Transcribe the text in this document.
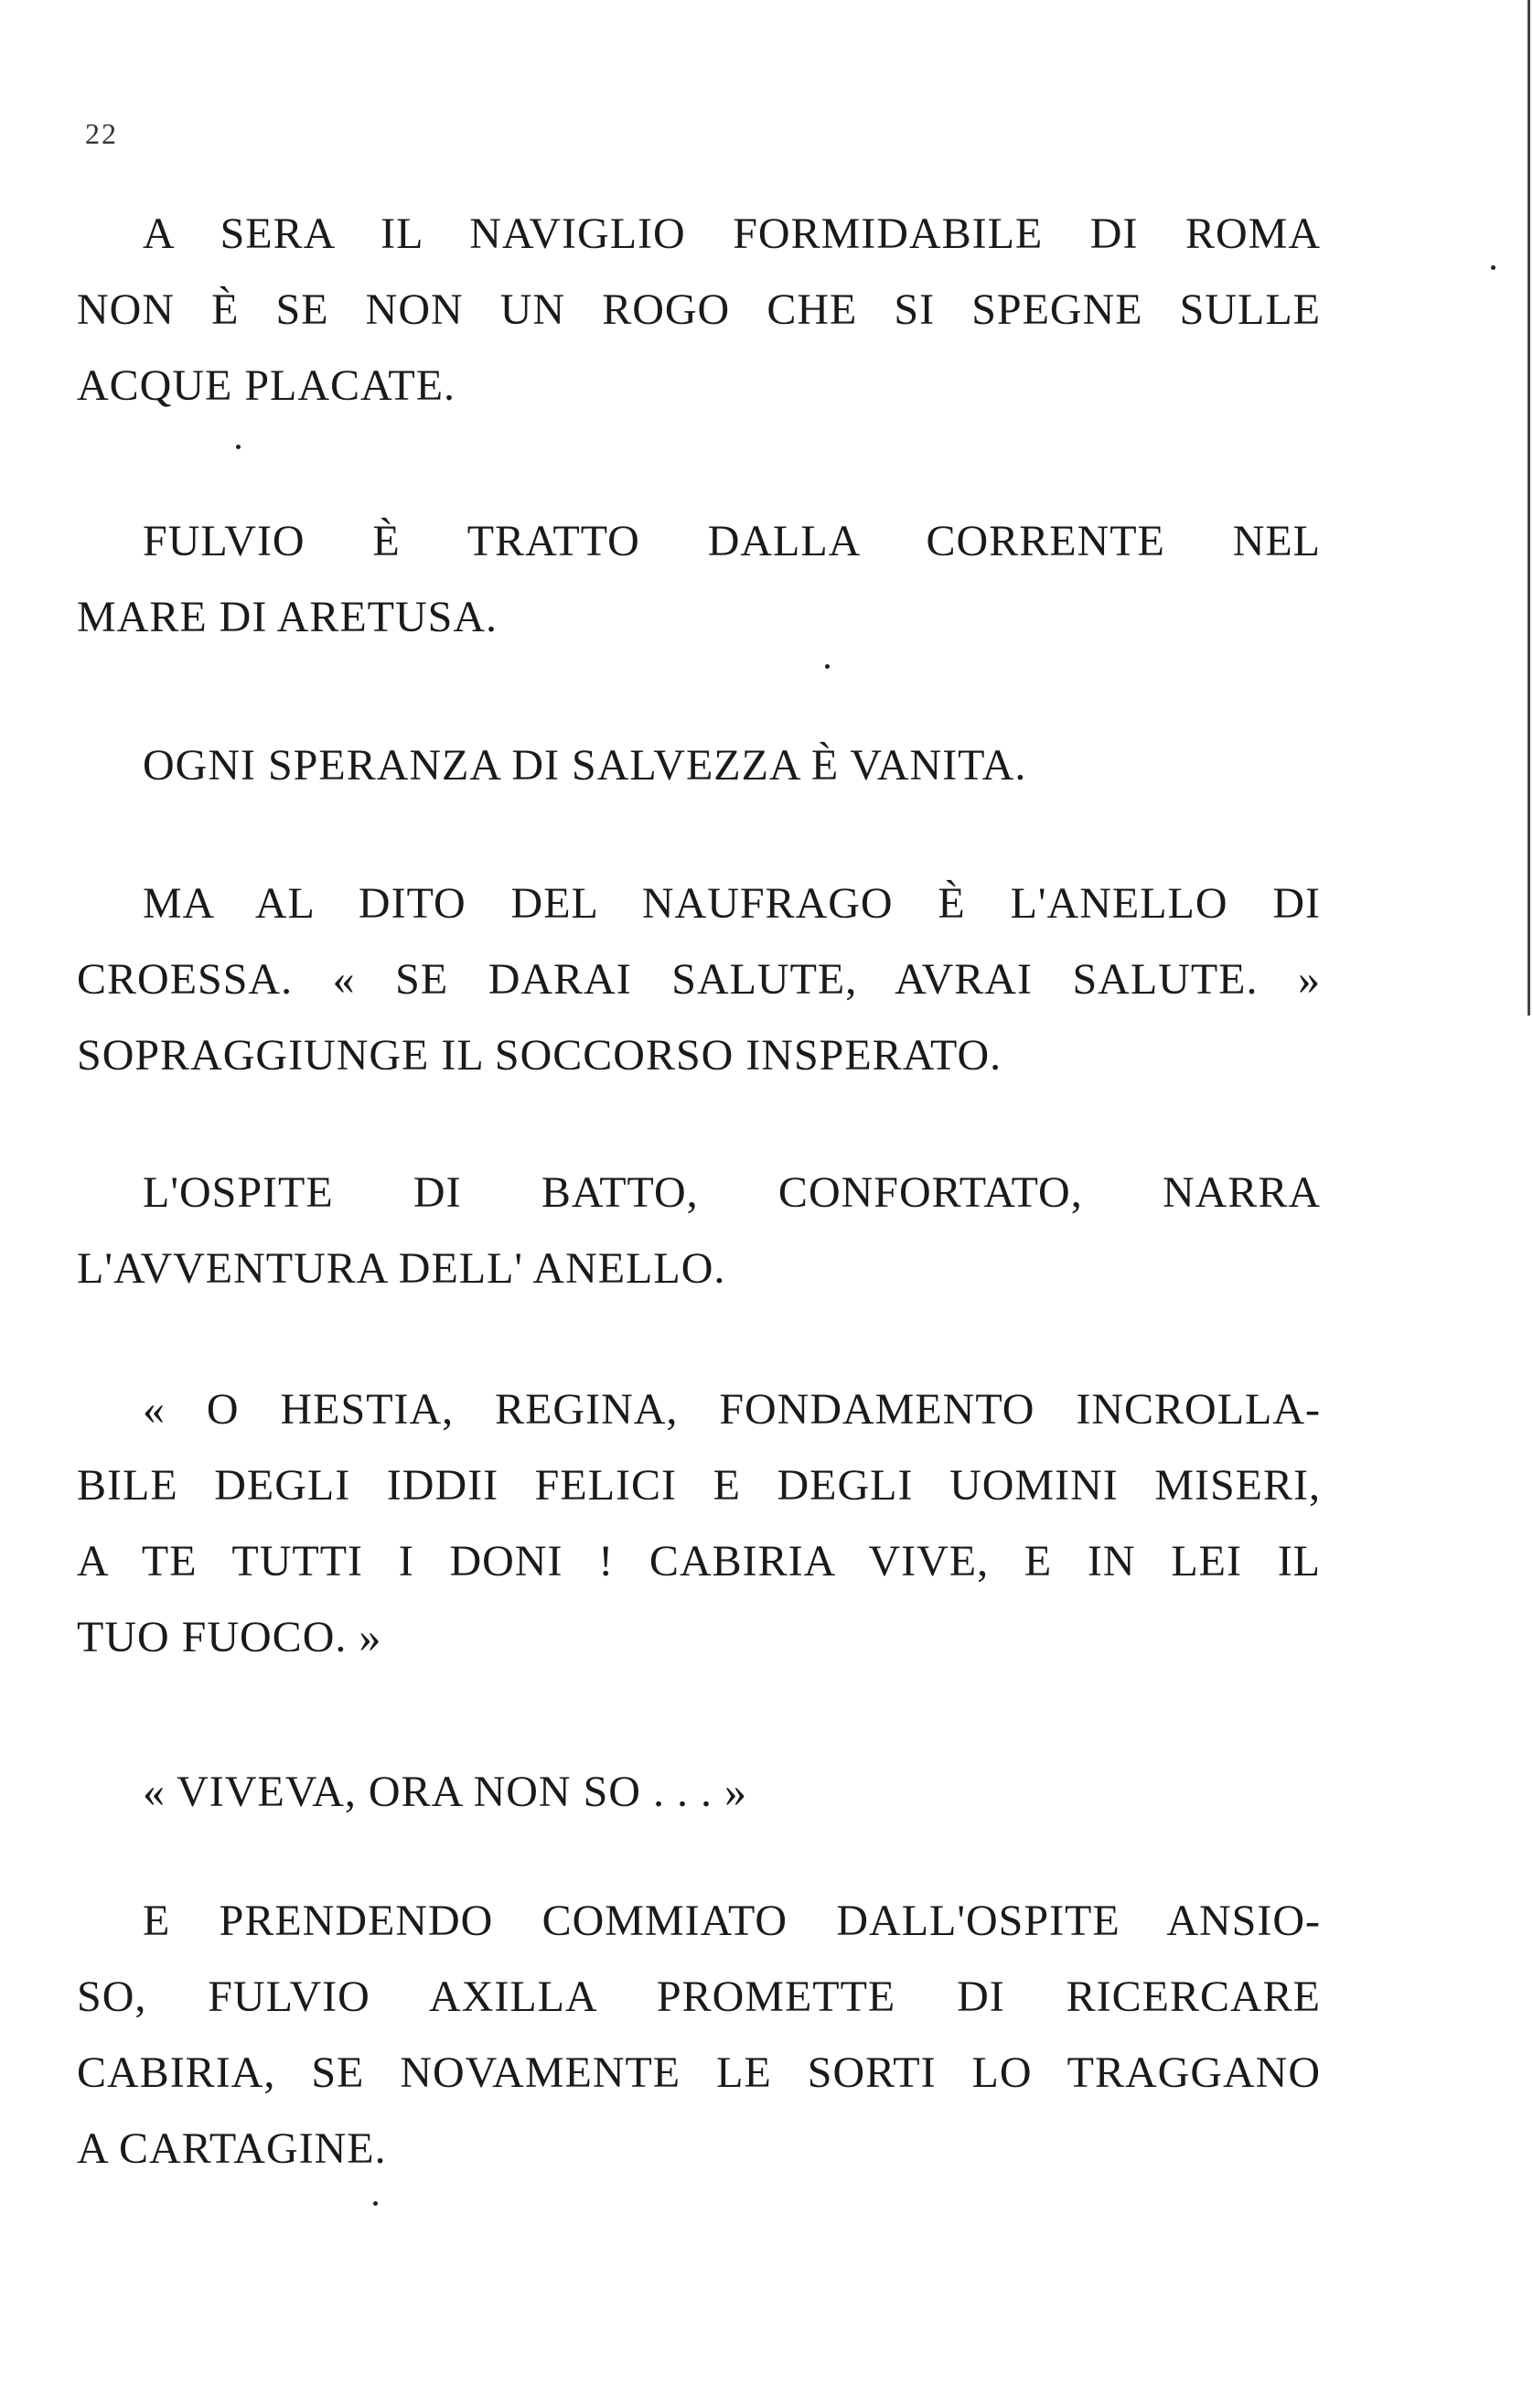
22
A SERA IL NAVIGLIO FORMIDABILE DI ROMA
NON È SE NON UN ROGO CHE SI SPEGNE SULLE
ACQUE PLACATE.
FULVIO È TRATTO DALLA CORRENTE NEL
MARE DI ARETUSA.
OGNI SPERANZA DI SALVEZZA È VANITA.
MA AL DITO DEL NAUFRAGO È L'ANELLO DI
CROESSA. « SE DARAI SALUTE, AVRAI SALUTE. »
SOPRAGGIUNGE IL SOCCORSO INSPERATO.
L'OSPITE DI BATTO, CONFORTATO, NARRA
L'AVVENTURA DELL' ANELLO.
« O HESTIA, REGINA, FONDAMENTO INCROLLA-
BILE DEGLI IDDII FELICI E DEGLI UOMINI MISERI,
A TE TUTTI I DONI ! CABIRIA VIVE, E IN LEI IL
TUO FUOCO. »
« VIVEVA, ORA NON SO . . . »
E PRENDENDO COMMIATO DALL'OSPITE ANSIO-
SO, FULVIO AXILLA PROMETTE DI RICERCARE
CABIRIA, SE NOVAMENTE LE SORTI LO TRAGGANO
A CARTAGINE.
